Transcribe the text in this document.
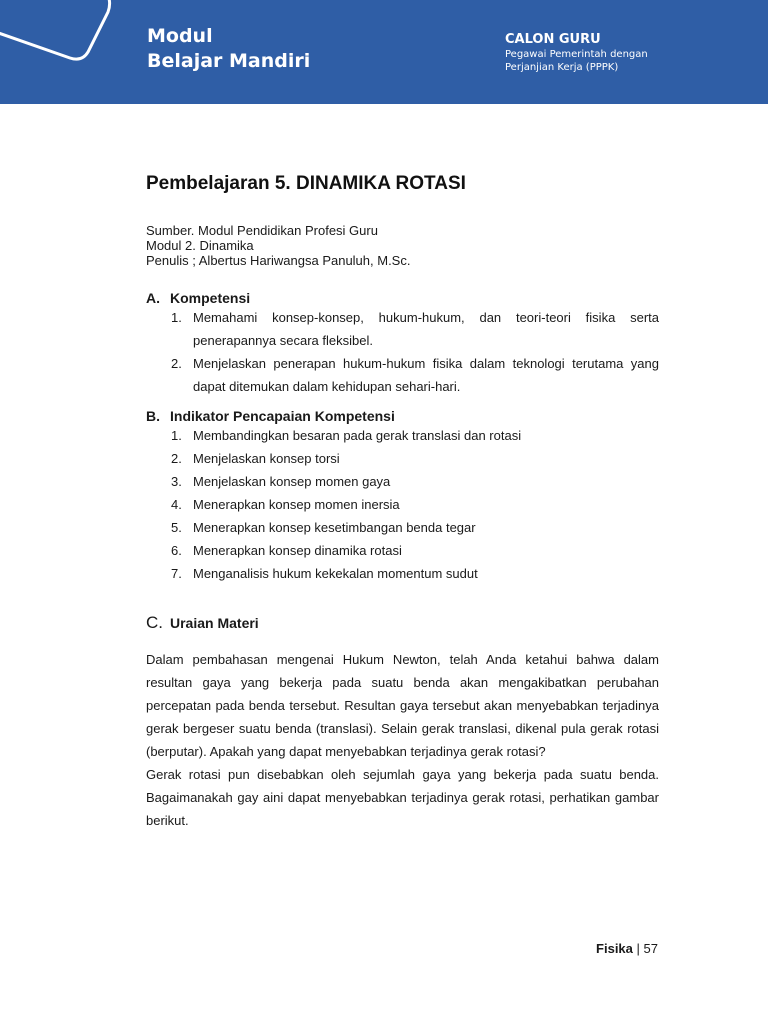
Modul
Belajar Mandiri
CALON GURU
Pegawai Pemerintah dengan
Perjanjian Kerja (PPPK)
Pembelajaran 5. DINAMIKA ROTASI
Sumber. Modul Pendidikan Profesi Guru
Modul 2. Dinamika
Penulis ; Albertus Hariwangsa Panuluh, M.Sc.
A. Kompetensi
1. Memahami konsep-konsep, hukum-hukum, dan teori-teori fisika serta penerapannya secara fleksibel.
2. Menjelaskan penerapan hukum-hukum fisika dalam teknologi terutama yang dapat ditemukan dalam kehidupan sehari-hari.
B. Indikator Pencapaian Kompetensi
1. Membandingkan besaran pada gerak translasi dan rotasi
2. Menjelaskan konsep torsi
3. Menjelaskan konsep momen gaya
4. Menerapkan konsep momen inersia
5. Menerapkan konsep kesetimbangan benda tegar
6. Menerapkan konsep dinamika rotasi
7. Menganalisis hukum kekekalan momentum sudut
C. Uraian Materi

Dalam pembahasan mengenai Hukum Newton, telah Anda ketahui bahwa dalam resultan gaya yang bekerja pada suatu benda akan mengakibatkan perubahan percepatan pada benda tersebut. Resultan gaya tersebut akan menyebabkan terjadinya gerak bergeser suatu benda (translasi). Selain gerak translasi, dikenal pula gerak rotasi (berputar). Apakah yang dapat menyebabkan terjadinya gerak rotasi?

Gerak rotasi pun disebabkan oleh sejumlah gaya yang bekerja pada suatu benda. Bagaimanakah gay aini dapat menyebabkan terjadinya gerak rotasi, perhatikan gambar berikut.

Fisika | 57
